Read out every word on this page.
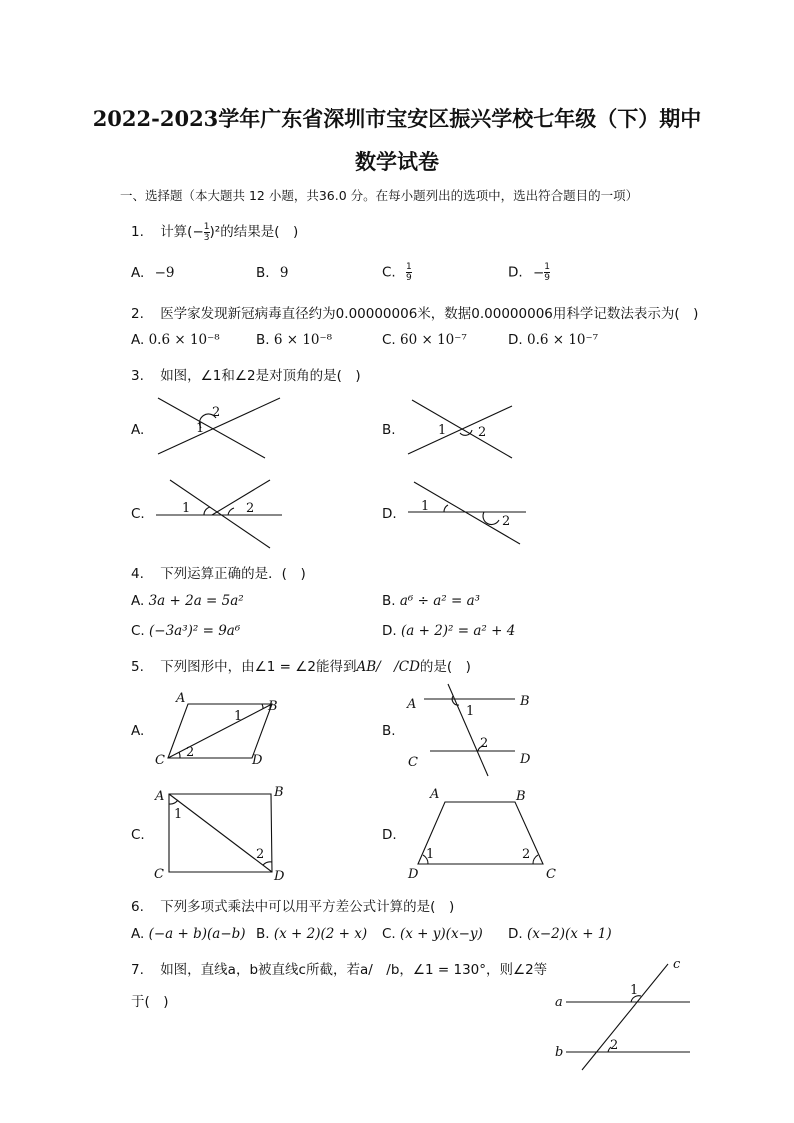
2022-2023学年广东省深圳市宝安区振兴学校七年级（下）期中
数学试卷
一、选择题（本大题共 12 小题，共36.0 分。在每小题列出的选项中，选出符合题目的一项）
1. 计算(− $\frac{1}{3} )^2$的结果是(　)
A. −9	B. 9	C. $\frac{1}{9}$	D. − $\frac{1}{9}$
2. 医学家发现新冠病毒直径约为0.00000006米，数据0.00000006用科学记数法表示为(　)
A. 0.6 × 10⁻⁸	B. 6 × 10⁻⁸	C. 60 × 10⁻⁷	D. 0.6 × 10⁻⁷
3. 如图，∠1和∠2是对顶角的是(　)
A.	B.
C.	D.
1
2
1 2
1	2	1
2
4. 下列运算正确的是．(　)
A. 3a + 2a = 5a²	B. a⁶ ÷ a² = a³
C. (−3a³)² = 9a⁶	D. (a + 2)² = a² + 4
5. 下列图形中，由∠1 = ∠2能得到AB/　/CD的是(　)
A.	B.
C.	D.
A
B
C	D
1
2
A	B
C	D
1
2
A	B
C	D
1
2
A	B
D	C
1	2
6. 下列多项式乘法中可以用平方差公式计算的是(　)
A. (−a + b)(a−b) B. (x + 2)(2 + x) C. (x + y)(x−y) D. (x−2)(x + 1)
7. 如图，直线a，b被直线c所截，若a/　/b，∠1 = 130°，则∠2等
于(　)	a
b
c
1
2
